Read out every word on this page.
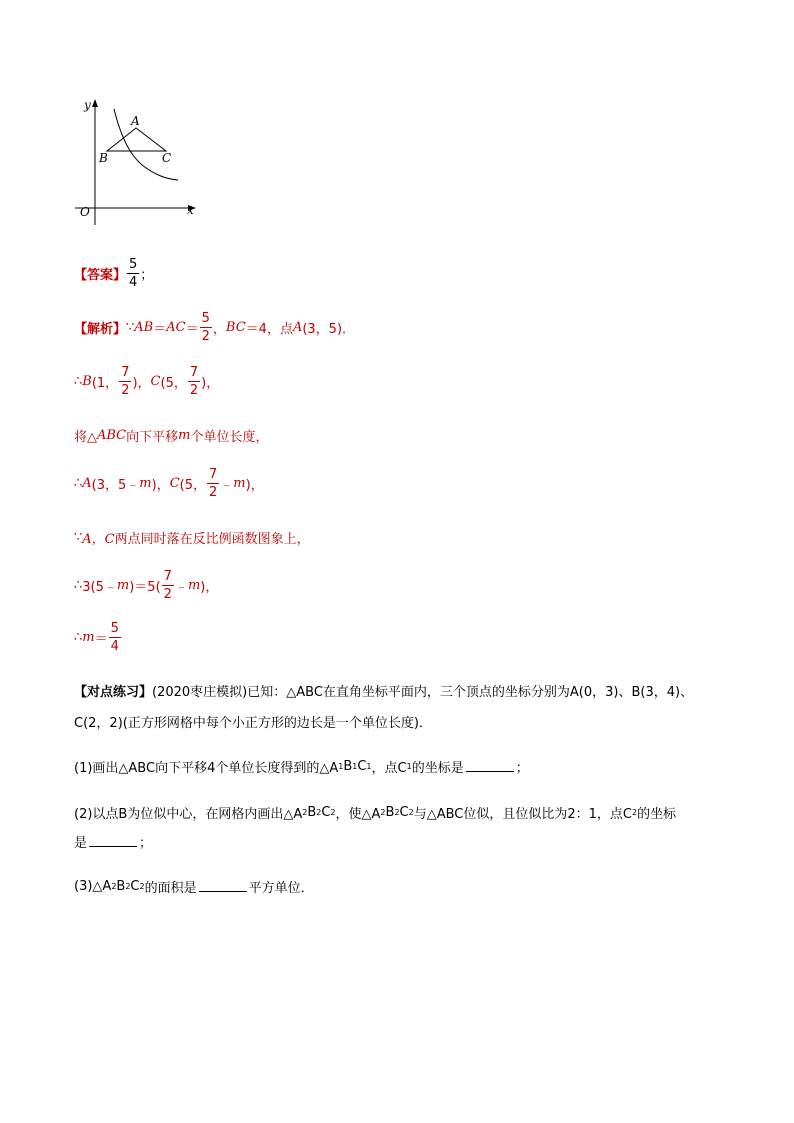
y
x
O
A
B	C
【答案】 $\frac{5}{4}$ ；
【解析】 ∵ AB ＝ AC ＝ $\frac{5}{2}$ ， BC ＝4，点 A (3，5)．
∴ B (1， $\frac{7}{2}$ )， C (5， $\frac{7}{2}$ )，
将△ ABC 向下平移 m 个单位长度，
∴ A (3，5﹣ m )， C (5， $\frac{7}{2}$ ﹣ m )，
∵ A，C 两点同时落在反比例函数图象上，
∴ 3(5﹣ m )$=5( \frac{7}{2}$ ﹣ m )，
∴ $m = \frac{5}{4}$
【对点练习】 (2020枣庄模拟)已知：△ABC在直角坐标平面内，三个顶点的坐标分别为A(0，3)、B(3，4)、
C(2，2)(正方形网格中每个小正方形的边长是一个单位长度)．
(1)画出△ABC向下平移4个单位长度得到的△A 1 B 1 C 1 ，点C 1 的坐标是	；
(2)以点B为位似中心，在网格内画出△A 2 B 2 C 2 ，使△A 2 B 2 C 2 与△ABC位似，且位似比为2：1，点C 2 的坐标
是	；
(3)△A 2 B 2 C 2 的面积是	平方单位．
